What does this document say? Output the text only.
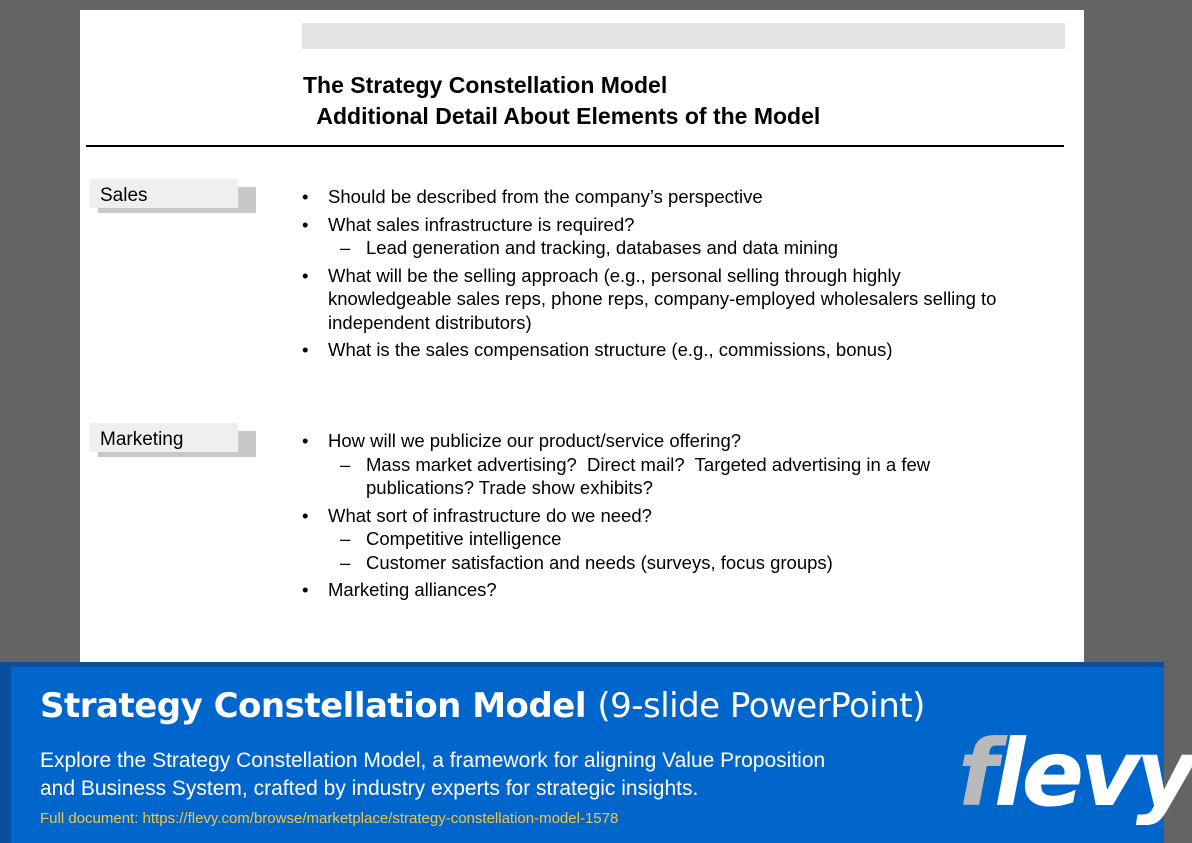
The Strategy Constellation Model
Additional Detail About Elements of the Model
Sales	• Should be described from the company’s perspective
• What sales infrastructure is required?
– Lead generation and tracking, databases and data mining
• What will be the selling approach (e.g., personal selling through highly knowledgeable sales reps, phone reps, company-employed wholesalers selling to independent distributors)
• What is the sales compensation structure (e.g., commissions, bonus)
Marketing	• How will we publicize our product/service offering?
– Mass market advertising?  Direct mail?  Targeted advertising in a few publications? Trade show exhibits?
• What sort of infrastructure do we need?
– Competitive intelligence
– Customer satisfaction and needs (surveys, focus groups)
• Marketing alliances?
Strategy Constellation Model (9-slide PowerPoint)

Explore the Strategy Constellation Model, a framework for aligning Value Proposition and Business System, crafted by industry experts for strategic insights.

Full document: https://flevy.com/browse/marketplace/strategy-constellation-model-1578	flevy
